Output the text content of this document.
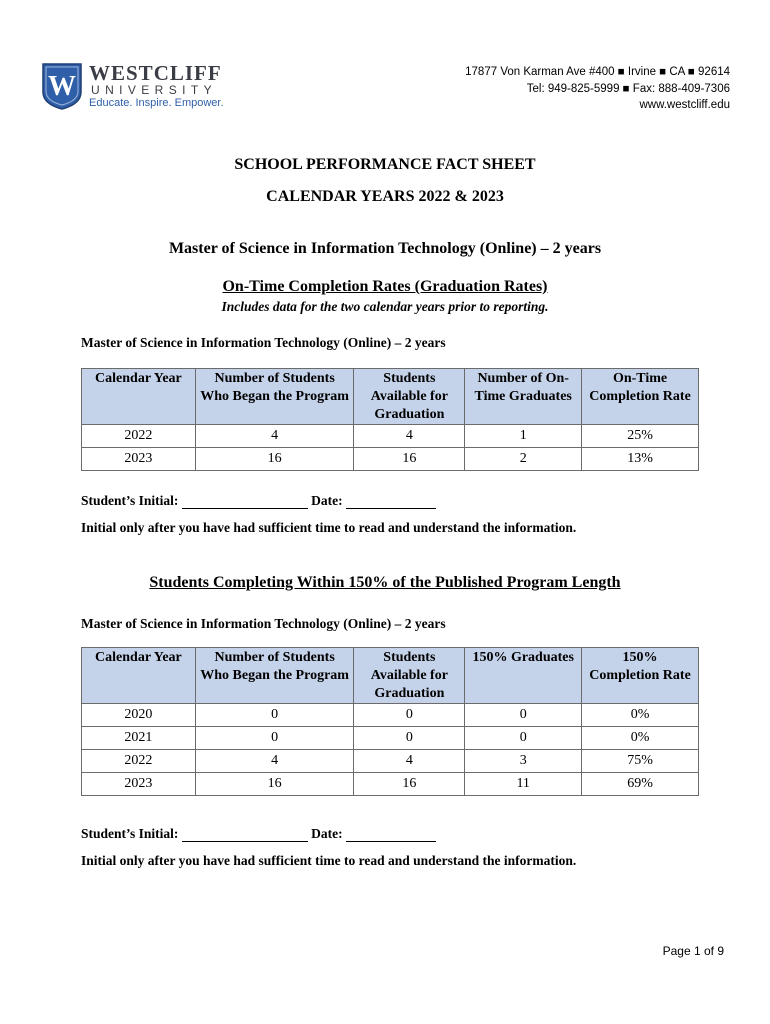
W WESTCLIFF
UNIVERSITY
Educate. Inspire. Empower.
17877 Von Karman Ave #400 ■ Irvine ■ CA ■ 92614
Tel: 949-825-5999 ■ Fax: 888-409-7306
www.westcliff.edu
SCHOOL PERFORMANCE FACT SHEET
CALENDAR YEARS 2022 & 2023
Master of Science in Information Technology (Online) – 2 years
On-Time Completion Rates (Graduation Rates)
Includes data for the two calendar years prior to reporting.
Master of Science in Information Technology (Online) – 2 years
Calendar Year	Number of Students Who Began the Program	Students Available for Graduation	Number of On-Time Graduates	On-Time Completion Rate
2022	4	4	1	25%
2023	16	16	2	13%
Student’s Initial:	Date:
Initial only after you have had sufficient time to read and understand the information.
Students Completing Within 150% of the Published Program Length
Master of Science in Information Technology (Online) – 2 years
Calendar Year	Number of Students Who Began the Program	Students Available for Graduation	150% Graduates	150% Completion Rate
2020	0	0	0	0%
2021	0	0	0	0%
2022	4	4	3	75%
2023	16	16	11	69%
Student’s Initial:	Date:
Initial only after you have had sufficient time to read and understand the information.
Page 1 of 9
